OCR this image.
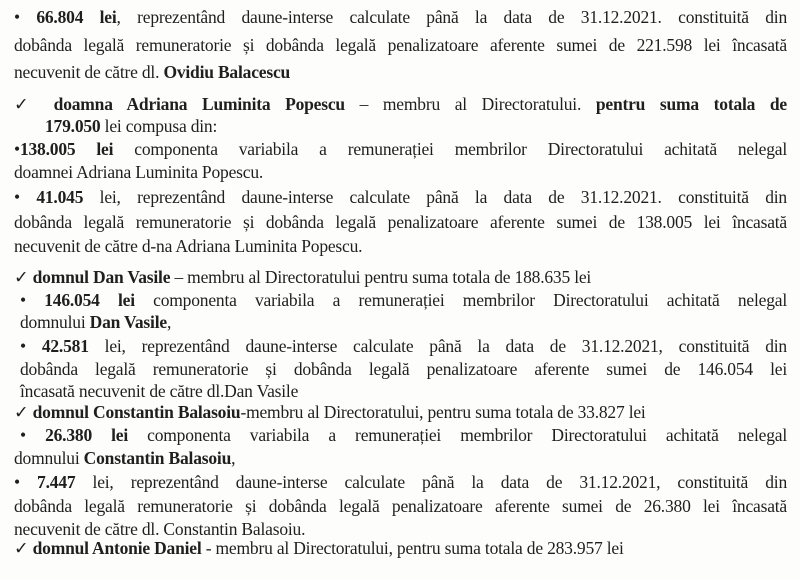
• 66.804 lei, reprezentând daune-interse calculate până la data de 31.12.2021. constituită din
dobânda legală remuneratorie și dobânda legală penalizatoare aferente sumei de 221.598 lei încasată
necuvenit de către dl. Ovidiu Balacescu
✓ doamna Adriana Luminita Popescu – membru al Directoratului. pentru suma totala de
179.050 lei compusa din:
•138.005 lei componenta variabila a remunerației membrilor Directoratului achitată nelegal
doamnei Adriana Luminita Popescu.
• 41.045 lei, reprezentând daune-interse calculate până la data de 31.12.2021. constituită din
dobânda legală remuneratorie și dobânda legală penalizatoare aferente sumei de 138.005 lei încasată
necuvenit de către d-na Adriana Luminita Popescu.
✓ domnul Dan Vasile – membru al Directoratului pentru suma totala de 188.635 lei
• 146.054 lei componenta variabila a remunerației membrilor Directoratului achitată nelegal
domnului Dan Vasile,
• 42.581 lei, reprezentând daune-interse calculate până la data de 31.12.2021, constituită din
dobânda legală remuneratorie și dobânda legală penalizatoare aferente sumei de 146.054 lei
încasată necuvenit de către dl.Dan Vasile
✓ domnul Constantin Balasoiu-membru al Directoratului, pentru suma totala de 33.827 lei
• 26.380 lei componenta variabila a remunerației membrilor Directoratului achitată nelegal
domnului Constantin Balasoiu,
• 7.447 lei, reprezentând daune-interse calculate până la data de 31.12.2021, constituită din
dobânda legală remuneratorie și dobânda legală penalizatoare aferente sumei de 26.380 lei încasată
necuvenit de către dl. Constantin Balasoiu.
✓ domnul Antonie Daniel - membru al Directoratului, pentru suma totala de 283.957 lei
